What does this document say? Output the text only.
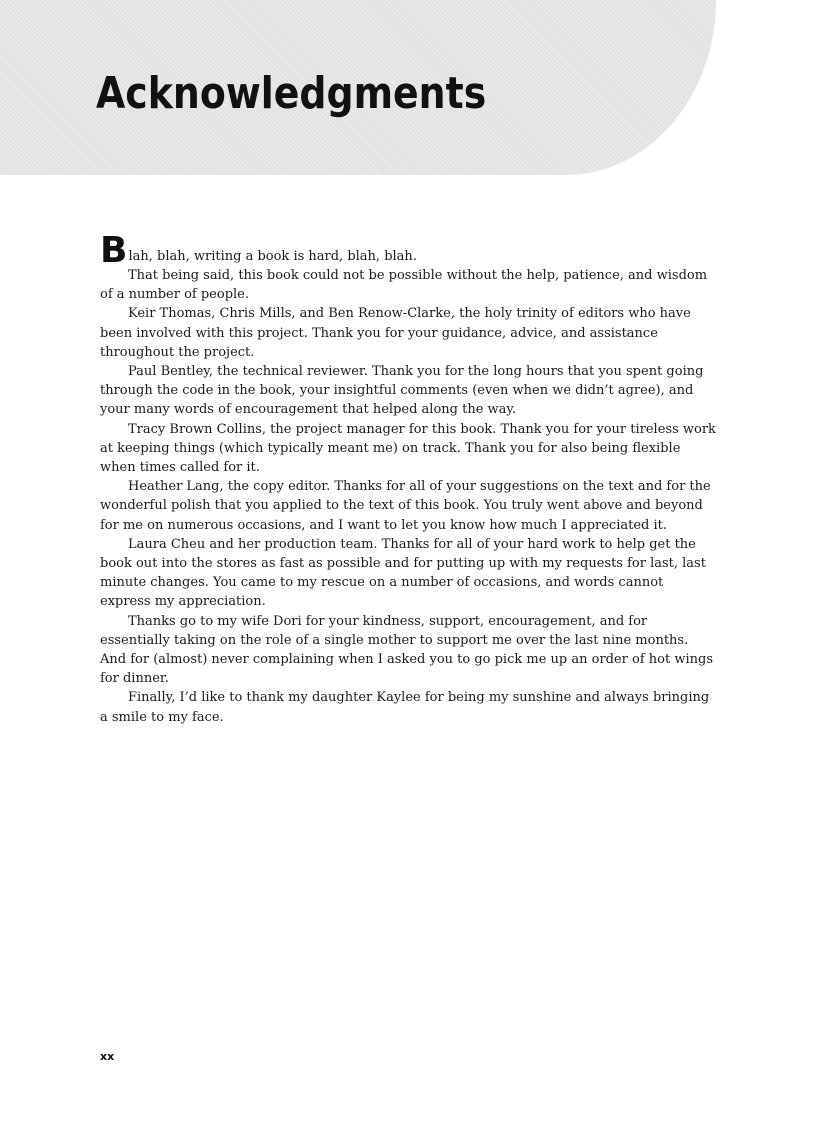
Acknowledgments

B lah, blah, writing a book is hard, blah, blah.

That being said, this book could not be possible without the help, patience, and wisdom of a number of people.

Keir Thomas, Chris Mills, and Ben Renow-Clarke, the holy trinity of editors who have been involved with this project. Thank you for your guidance, advice, and assistance throughout the project.

Paul Bentley, the technical reviewer. Thank you for the long hours that you spent going through the code in the book, your insightful comments (even when we didn’t agree), and your many words of encouragement that helped along the way.

Tracy Brown Collins, the project manager for this book. Thank you for your tireless work at keeping things (which typically meant me) on track. Thank you for also being flexible when times called for it.

Heather Lang, the copy editor. Thanks for all of your suggestions on the text and for the wonderful polish that you applied to the text of this book. You truly went above and beyond for me on numerous occasions, and I want to let you know how much I appreciated it.

Laura Cheu and her production team. Thanks for all of your hard work to help get the book out into the stores as fast as possible and for putting up with my requests for last, last minute changes. You came to my rescue on a number of occasions, and words cannot express my appreciation.

Thanks go to my wife Dori for your kindness, support, encouragement, and for essentially taking on the role of a single mother to support me over the last nine months. And for (almost) never complaining when I asked you to go pick me up an order of hot wings for dinner.

Finally, I’d like to thank my daughter Kaylee for being my sunshine and always bringing a smile to my face.

xx
